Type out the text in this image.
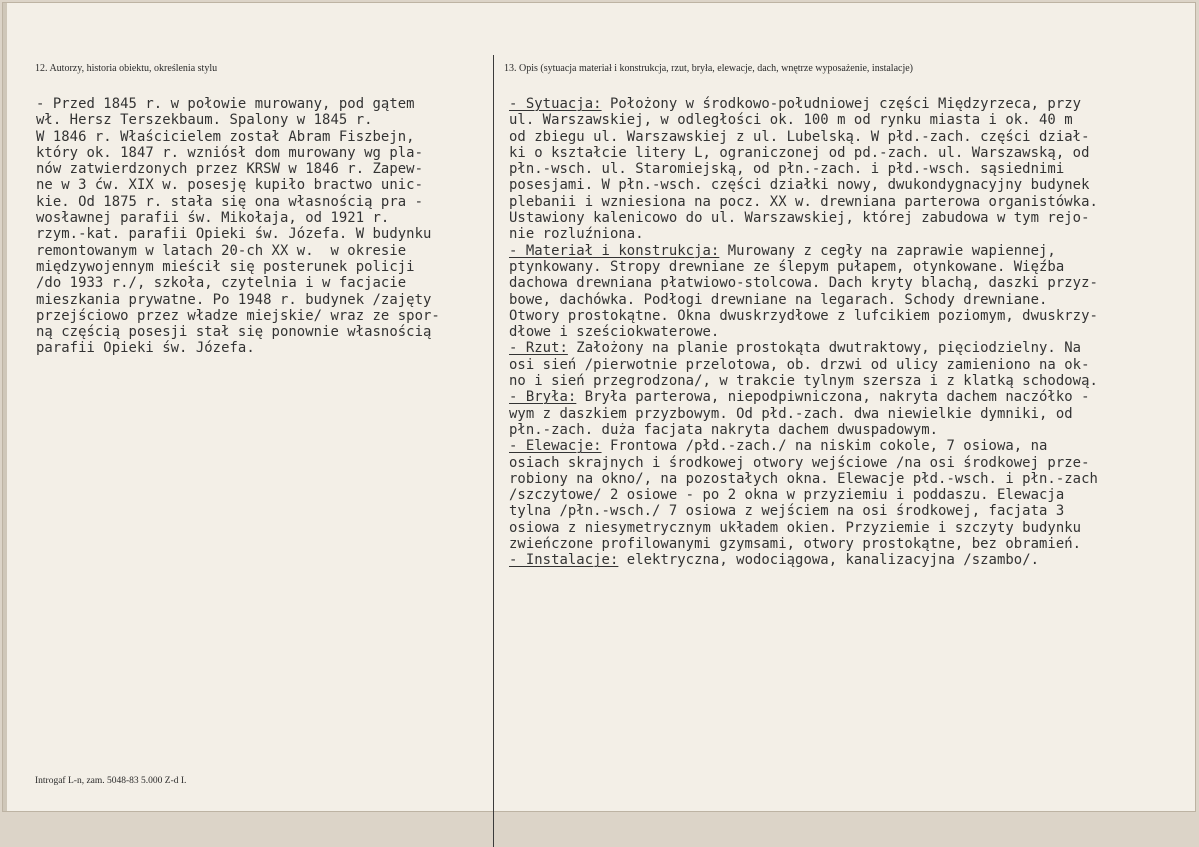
12. Autorzy, historia obiektu, określenia stylu	13. Opis (sytuacja materiał i konstrukcja, rzut, bryła, elewacje, dach, wnętrze wyposażenie, instalacje)
- Przed 1845 r. w połowie murowany, pod gątem
wł. Hersz Terszekbaum. Spalony w 1845 r.
W 1846 r. Właścicielem został Abram Fiszbejn,
który ok. 1847 r. wzniósł dom murowany wg pla-
nów zatwierdzonych przez KRSW w 1846 r. Zapew-
ne w 3 ćw. XIX w. posesję kupiło bractwo unic-
kie. Od 1875 r. stała się ona własnością pra -
wosławnej parafii św. Mikołaja, od 1921 r.
rzym.-kat. parafii Opieki św. Józefa. W budynku
remontowanym w latach 20-ch XX w.  w okresie
międzywojennym mieścił się posterunek policji
/do 1933 r./, szkoła, czytelnia i w facjacie
mieszkania prywatne. Po 1948 r. budynek /zajęty
przejściowo przez władze miejskie/ wraz ze spor-
ną częścią posesji stał się ponownie własnością
parafii Opieki św. Józefa.
- Sytuacja: Położony w środkowo-południowej części Międzyrzeca, przy
ul. Warszawskiej, w odległości ok. 100 m od rynku miasta i ok. 40 m
od zbiegu ul. Warszawskiej z ul. Lubelską. W płd.-zach. części dział-
ki o kształcie litery L, ograniczonej od pd.-zach. ul. Warszawską, od
płn.-wsch. ul. Staromiejską, od płn.-zach. i płd.-wsch. sąsiednimi
posesjami. W płn.-wsch. części działki nowy, dwukondygnacyjny budynek
plebanii i wzniesiona na pocz. XX w. drewniana parterowa organistówka.
Ustawiony kalenicowo do ul. Warszawskiej, której zabudowa w tym rejo-
nie rozluźniona.
- Materiał i konstrukcja: Murowany z cegły na zaprawie wapiennej,
ptynkowany. Stropy drewniane ze ślepym pułapem, otynkowane. Więźba
dachowa drewniana płatwiowo-stolcowa. Dach kryty blachą, daszki przyz-
bowe, dachówka. Podłogi drewniane na legarach. Schody drewniane.
Otwory prostokątne. Okna dwuskrzydłowe z lufcikiem poziomym, dwuskrzy-
dłowe i sześciokwaterowe.
- Rzut: Założony na planie prostokąta dwutraktowy, pięciodzielny. Na
osi sień /pierwotnie przelotowa, ob. drzwi od ulicy zamieniono na ok-
no i sień przegrodzona/, w trakcie tylnym szersza i z klatką schodową.
- Bryła: Bryła parterowa, niepodpiwniczona, nakryta dachem naczółko -
wym z daszkiem przyzbowym. Od płd.-zach. dwa niewielkie dymniki, od
płn.-zach. duża facjata nakryta dachem dwuspadowym.
- Elewacje: Frontowa /płd.-zach./ na niskim cokole, 7 osiowa, na
osiach skrajnych i środkowej otwory wejściowe /na osi środkowej prze-
robiony na okno/, na pozostałych okna. Elewacje płd.-wsch. i płn.-zach
/szczytowe/ 2 osiowe - po 2 okna w przyziemiu i poddaszu. Elewacja
tylna /płn.-wsch./ 7 osiowa z wejściem na osi środkowej, facjata 3
osiowa z niesymetrycznym układem okien. Przyziemie i szczyty budynku
zwieńczone profilowanymi gzymsami, otwory prostokątne, bez obramień.
- Instalacje: elektryczna, wodociągowa, kanalizacyjna /szambo/.
Introgaf L-n, zam. 5048-83 5.000 Z-d I.
